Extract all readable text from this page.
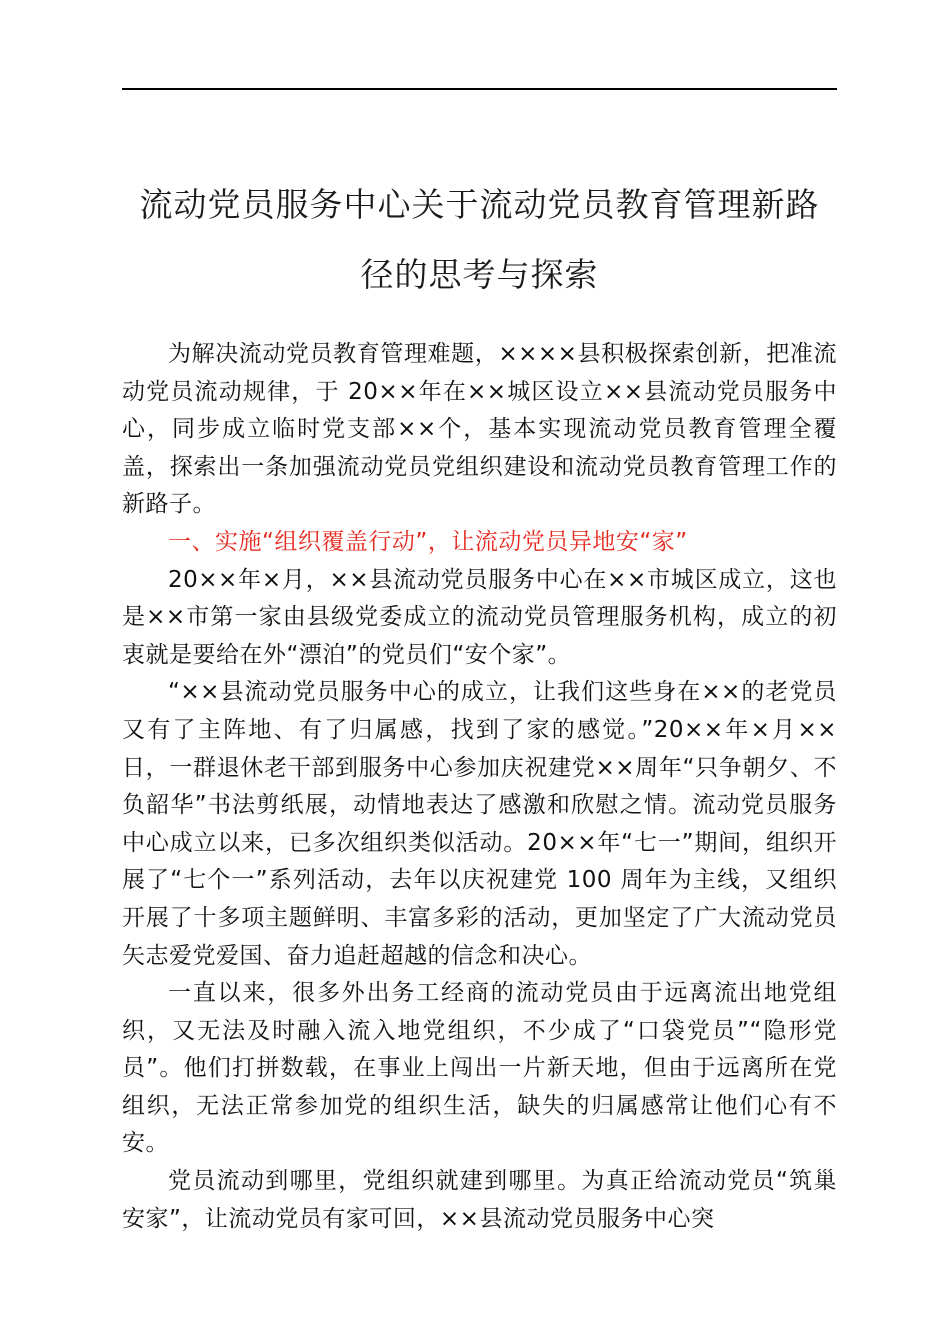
流动党员服务中心关于流动党员教育管理新路
径的思考与探索

为解决流动党员教育管理难题，××××县积极探索创新，把准流动党员流动规律，于 20××年在××城区设立××县流动党员服务中心，同步成立临时党支部××个，基本实现流动党员教育管理全覆盖，探索出一条加强流动党员党组织建设和流动党员教育管理工作的新路子。

一、实施“组织覆盖行动”，让流动党员异地安“家”

20××年×月，××县流动党员服务中心在××市城区成立，这也是××市第一家由县级党委成立的流动党员管理服务机构，成立的初衷就是要给在外“漂泊”的党员们“安个家”。

“××县流动党员服务中心的成立，让我们这些身在××的老党员又有了主阵地、有了归属感，找到了家的感觉。”20××年×月××日，一群退休老干部到服务中心参加庆祝建党××周年“只争朝夕、不负韶华”书法剪纸展，动情地表达了感激和欣慰之情。流动党员服务中心成立以来，已多次组织类似活动。20××年“七一”期间，组织开展了“七个一”系列活动，去年以庆祝建党 100 周年为主线，又组织开展了十多项主题鲜明、丰富多彩的活动，更加坚定了广大流动党员矢志爱党爱国、奋力追赶超越的信念和决心。

一直以来，很多外出务工经商的流动党员由于远离流出地党组织，又无法及时融入流入地党组织，不少成了“口袋党员”“隐形党员”。他们打拼数载，在事业上闯出一片新天地，但由于远离所在党组织，无法正常参加党的组织生活，缺失的归属感常让他们心有不安。

党员流动到哪里，党组织就建到哪里。为真正给流动党员“筑巢安家”，让流动党员有家可回，××县流动党员服务中心突
